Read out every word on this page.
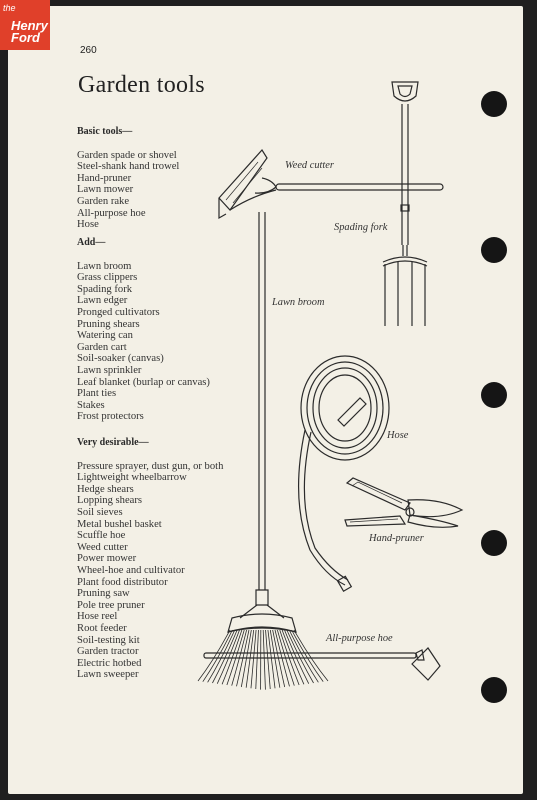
the
Henry Ford
260
Garden tools
Basic tools—
Garden spade or shovel
Steel-shank hand trowel
Hand-pruner
Lawn mower
Garden rake
All-purpose hoe
Hose
Add—
Lawn broom
Grass clippers
Spading fork
Lawn edger
Pronged cultivators
Pruning shears
Watering can
Garden cart
Soil-soaker (canvas)
Lawn sprinkler
Leaf blanket (burlap or canvas)
Plant ties
Stakes
Frost protectors
Very desirable—
Pressure sprayer, dust gun, or both
Lightweight wheelbarrow
Hedge shears
Lopping shears
Soil sieves
Metal bushel basket
Scuffle hoe
Weed cutter
Power mower
Wheel-hoe and cultivator
Plant food distributor
Pruning saw
Pole tree pruner
Hose reel
Root feeder
Soil-testing kit
Garden tractor
Electric hotbed
Lawn sweeper
Weed cutter
Spading fork
Lawn broom
Hose
Hand-pruner
All-purpose hoe
